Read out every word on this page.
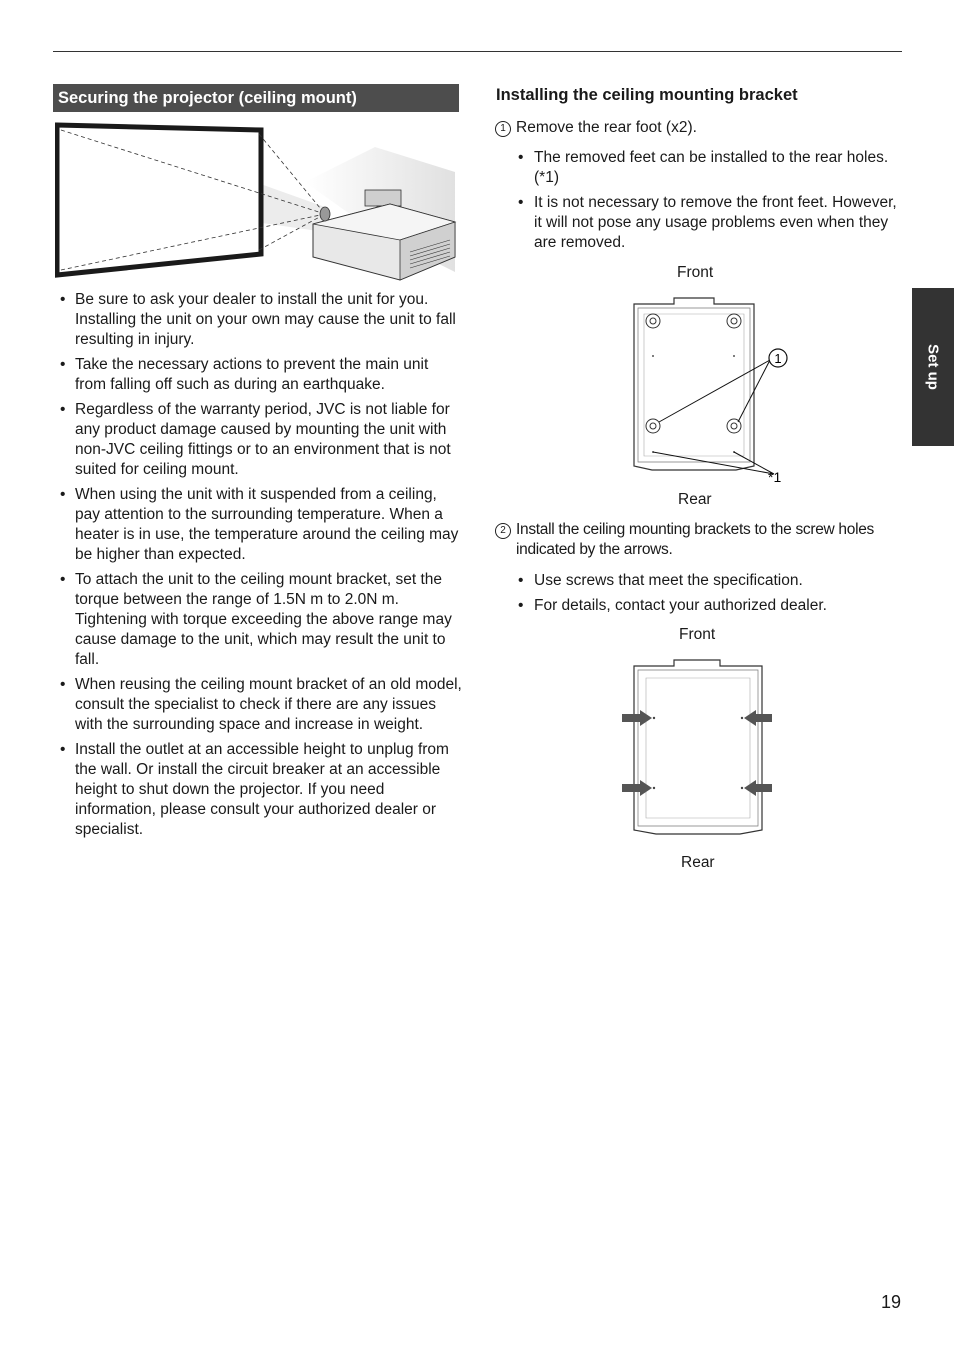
Securing the projector (ceiling mount)
• Be sure to ask your dealer to install the unit for you. Installing the unit on your own may cause the unit to fall resulting in injury.
• Take the necessary actions to prevent the main unit from falling off such as during an earthquake.
• Regardless of the warranty period, JVC is not liable for any product damage caused by mounting the unit with non-JVC ceiling fittings or to an environment that is not suited for ceiling mount.
• When using the unit with it suspended from a ceiling, pay attention to the surrounding temperature. When a heater is in use, the temperature around the ceiling may be higher than expected.
• To attach the unit to the ceiling mount bracket, set the torque between the range of 1.5N m to 2.0N m. Tightening with torque exceeding the above range may cause damage to the unit, which may result the unit to fall.
• When reusing the ceiling mount bracket of an old model, consult the specialist to check if there are any issues with the surrounding space and increase in weight.
• Install the outlet at an accessible height to unplug from the wall. Or install the circuit breaker at an accessible height to shut down the projector. If you need information, please consult your authorized dealer or specialist.
Installing the ceiling mounting bracket
1 Remove the rear foot (x2).
• The removed feet can be installed to the rear holes. (*1)
• It is not necessary to remove the front feet. However, it will not pose any usage problems even when they are removed.
Front
1
*1
Rear
2 Install the ceiling mounting brackets to the screw holes indicated by the arrows.
• Use screws that meet the specification.
• For details, contact your authorized dealer.
Front
Rear
Set up
19
